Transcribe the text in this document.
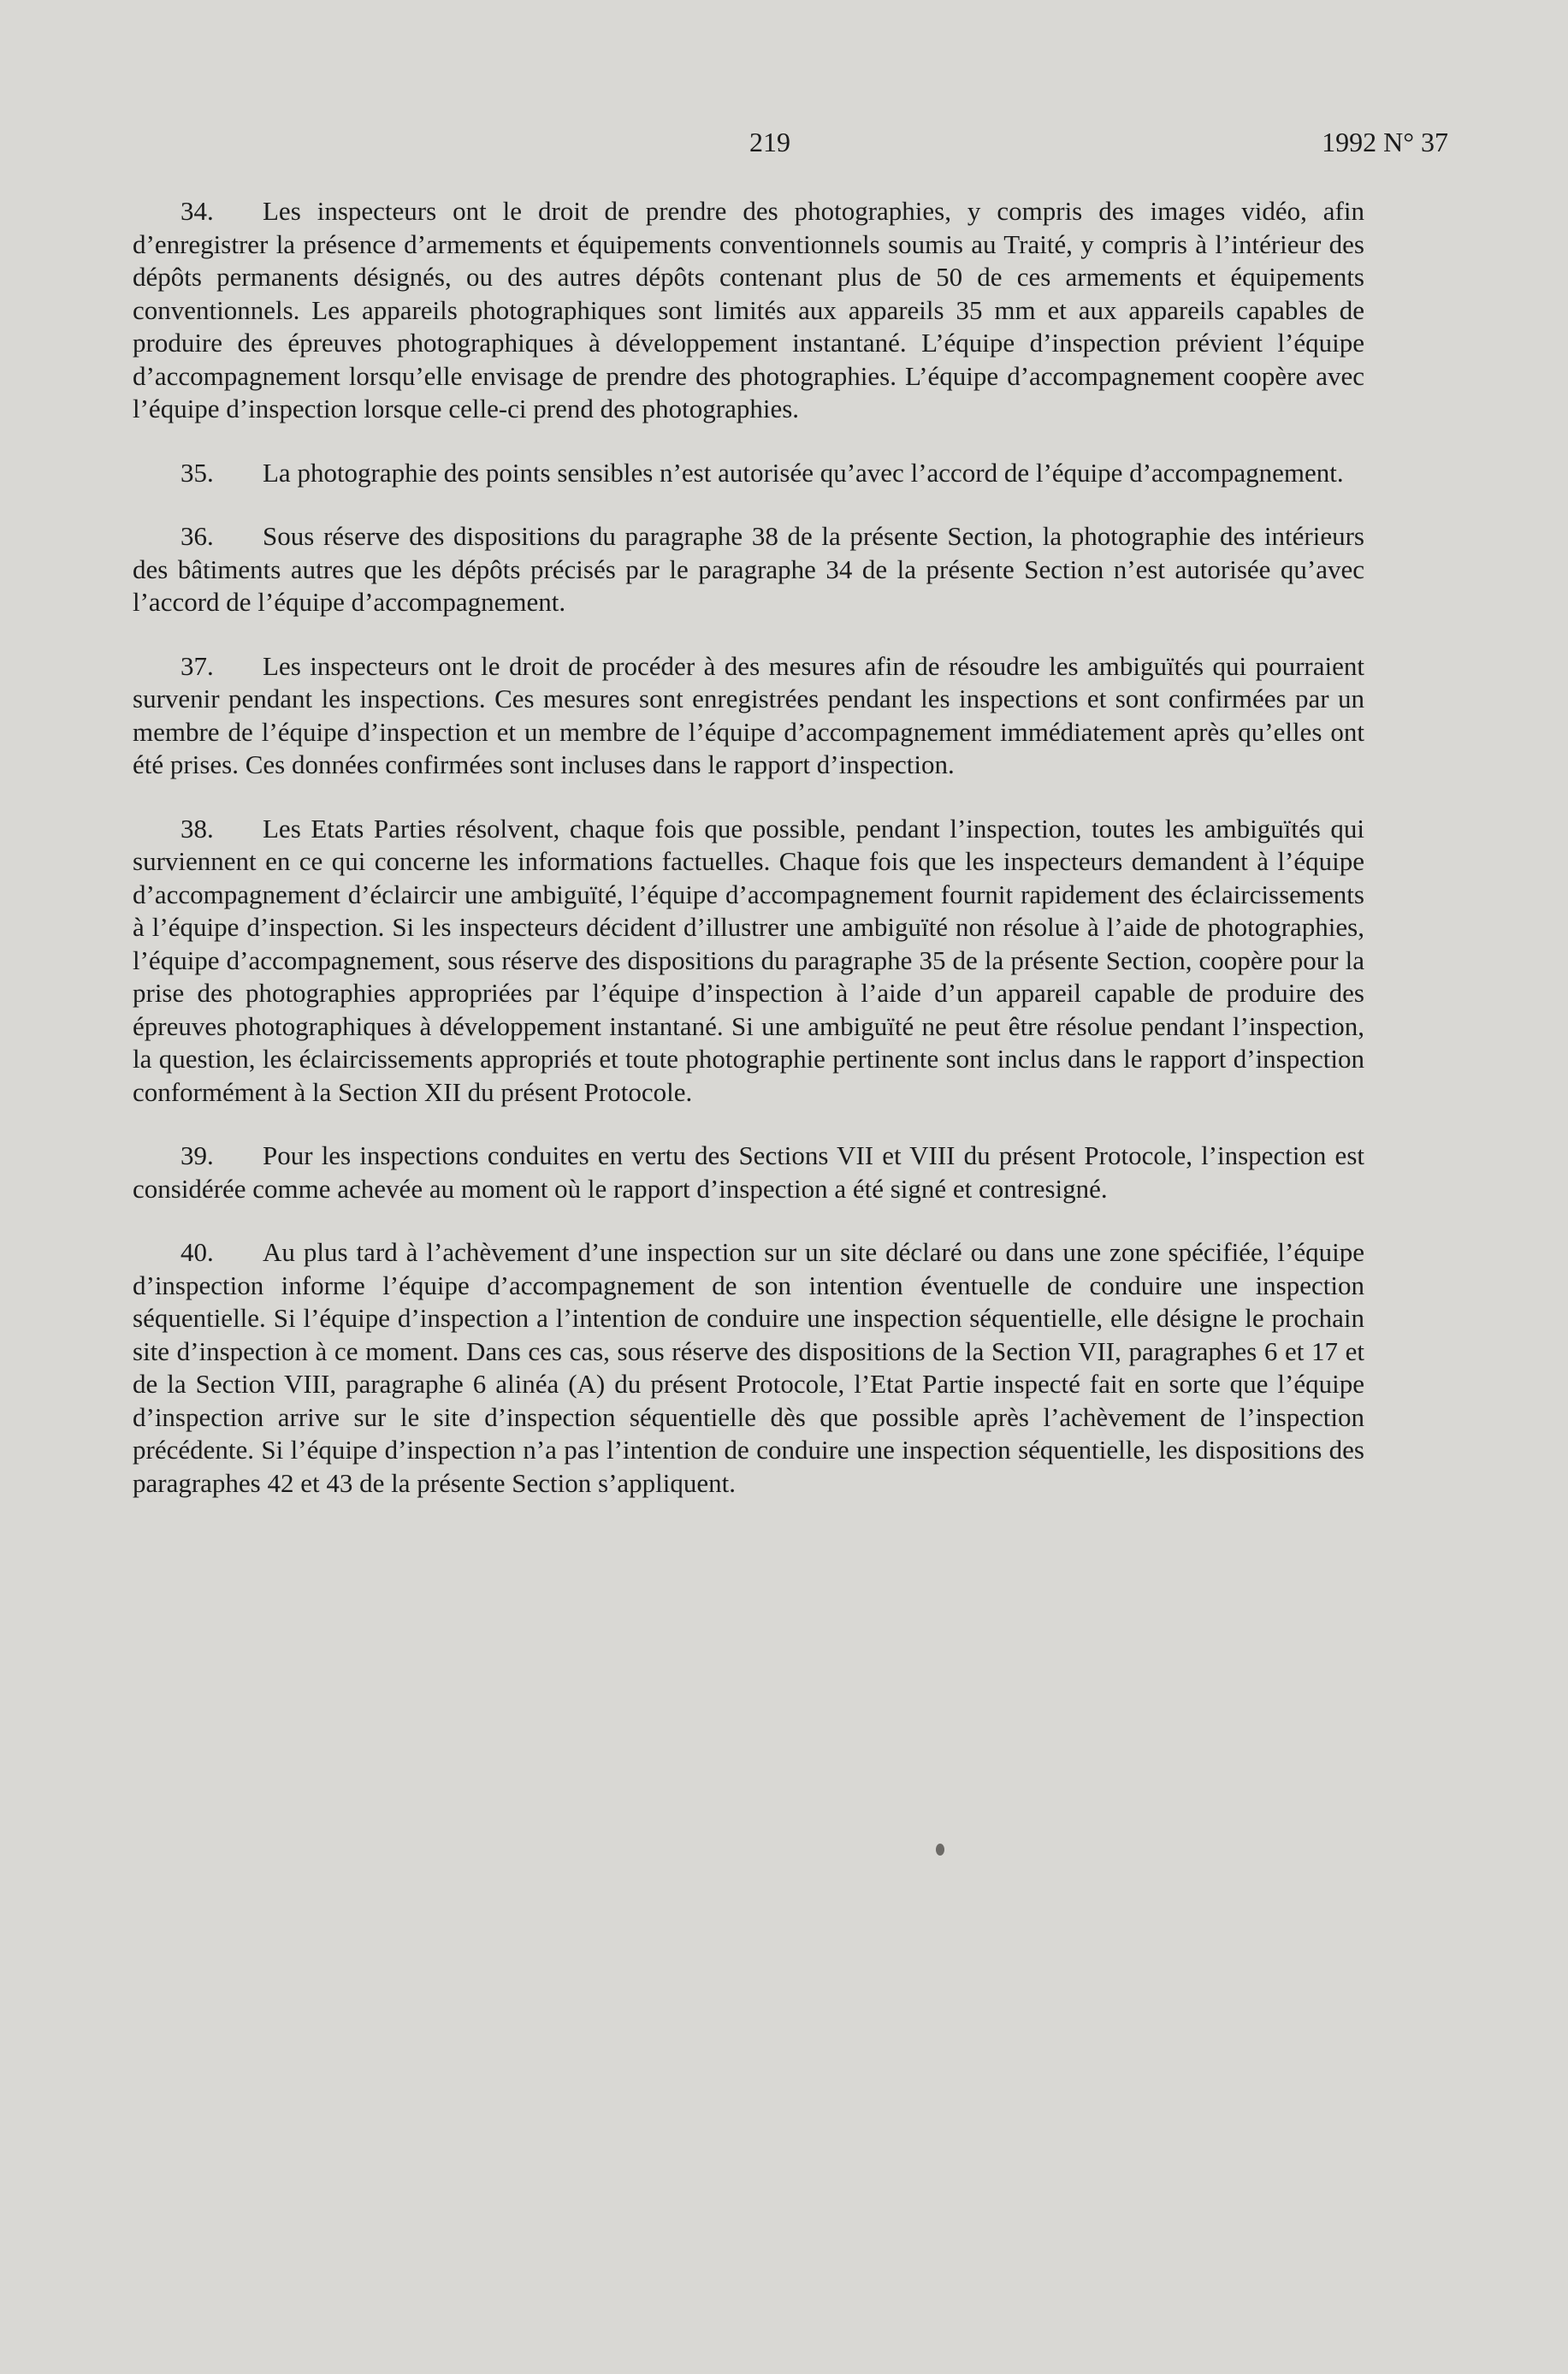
219	1992 N° 37

34. Les inspecteurs ont le droit de prendre des photographies, y compris des images vidéo, afin d’enregistrer la présence d’armements et équipements conventionnels soumis au Traité, y compris à l’intérieur des dépôts permanents désignés, ou des autres dépôts contenant plus de 50 de ces armements et équipements conventionnels. Les appareils photographiques sont limités aux appareils 35 mm et aux appareils capables de produire des épreuves photographiques à développement instantané. L’équipe d’inspection prévient l’équipe d’accompagnement lorsqu’elle envisage de prendre des photographies. L’équipe d’accompagnement coopère avec l’équipe d’inspection lorsque celle-ci prend des photographies.

35. La photographie des points sensibles n’est autorisée qu’avec l’accord de l’équipe d’accompagnement.

36. Sous réserve des dispositions du paragraphe 38 de la présente Section, la photographie des intérieurs des bâtiments autres que les dépôts précisés par le paragraphe 34 de la présente Section n’est autorisée qu’avec l’accord de l’équipe d’accompagnement.

37. Les inspecteurs ont le droit de procéder à des mesures afin de résoudre les ambiguïtés qui pourraient survenir pendant les inspections. Ces mesures sont enregistrées pendant les inspections et sont confirmées par un membre de l’équipe d’inspection et un membre de l’équipe d’accompagnement immédiatement après qu’elles ont été prises. Ces données confirmées sont incluses dans le rapport d’inspection.

38. Les Etats Parties résolvent, chaque fois que possible, pendant l’inspection, toutes les ambiguïtés qui surviennent en ce qui concerne les informations factuelles. Chaque fois que les inspecteurs demandent à l’équipe d’accompagnement d’éclaircir une ambiguïté, l’équipe d’accompagnement fournit rapidement des éclaircissements à l’équipe d’inspection. Si les inspecteurs décident d’illustrer une ambiguïté non résolue à l’aide de photographies, l’équipe d’accompagnement, sous réserve des dispositions du paragraphe 35 de la présente Section, coopère pour la prise des photographies appropriées par l’équipe d’inspection à l’aide d’un appareil capable de produire des épreuves photographiques à développement instantané. Si une ambiguïté ne peut être résolue pendant l’inspection, la question, les éclaircissements appropriés et toute photographie pertinente sont inclus dans le rapport d’inspection conformément à la Section XII du présent Protocole.

39. Pour les inspections conduites en vertu des Sections VII et VIII du présent Protocole, l’inspection est considérée comme achevée au moment où le rapport d’inspection a été signé et contresigné.

40. Au plus tard à l’achèvement d’une inspection sur un site déclaré ou dans une zone spécifiée, l’équipe d’inspection informe l’équipe d’accompagnement de son intention éventuelle de conduire une inspection séquentielle. Si l’équipe d’inspection a l’intention de conduire une inspection séquentielle, elle désigne le prochain site d’inspection à ce moment. Dans ces cas, sous réserve des dispositions de la Section VII, paragraphes 6 et 17 et de la Section VIII, paragraphe 6 alinéa (A) du présent Protocole, l’Etat Partie inspecté fait en sorte que l’équipe d’inspection arrive sur le site d’inspection séquentielle dès que possible après l’achèvement de l’inspection précédente. Si l’équipe d’inspection n’a pas l’intention de conduire une inspection séquentielle, les dispositions des paragraphes 42 et 43 de la présente Section s’appliquent.
